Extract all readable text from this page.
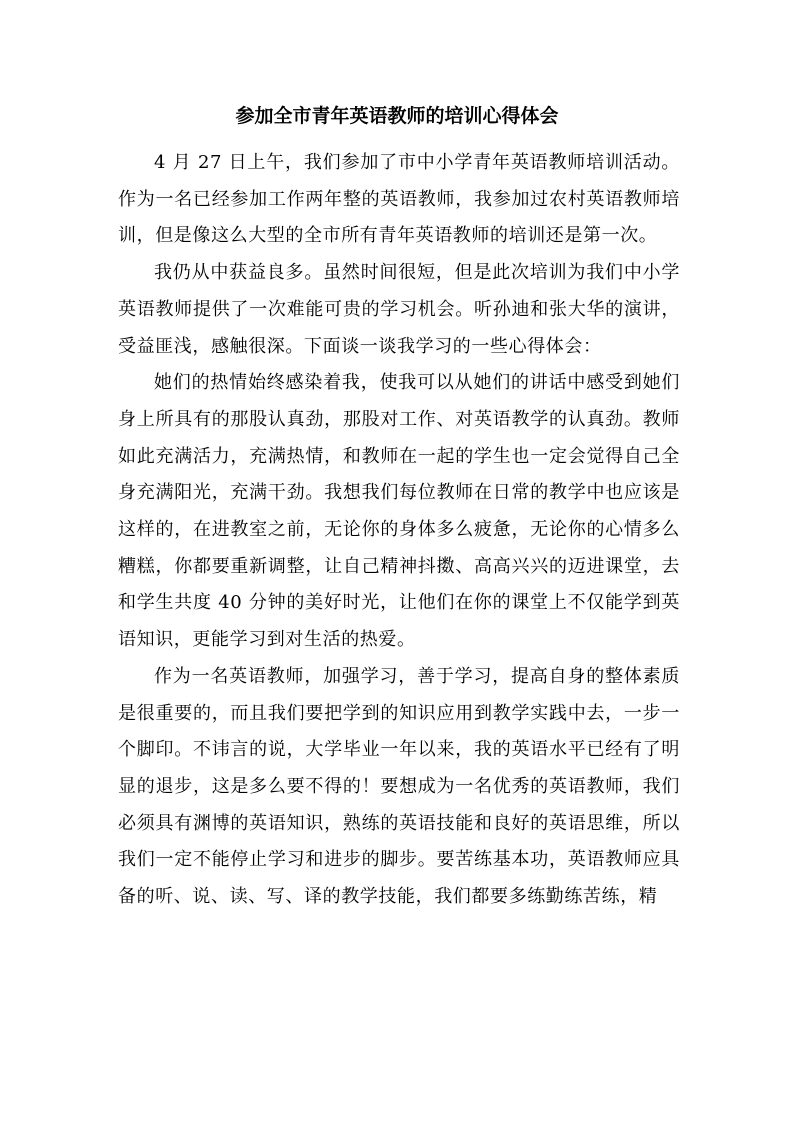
参加全市青年英语教师的培训心得体会

4 月 27 日上午，我们参加了市中小学青年英语教师培训活动。作为一名已经参加工作两年整的英语教师，我参加过农村英语教师培训，但是像这么大型的全市所有青年英语教师的培训还是第一次。

我仍从中获益良多。虽然时间很短，但是此次培训为我们中小学英语教师提供了一次难能可贵的学习机会。听孙迪和张大华的演讲，受益匪浅，感触很深。下面谈一谈我学习的一些心得体会：

她们的热情始终感染着我，使我可以从她们的讲话中感受到她们身上所具有的那股认真劲，那股对工作、对英语教学的认真劲。教师如此充满活力，充满热情，和教师在一起的学生也一定会觉得自己全身充满阳光，充满干劲。我想我们每位教师在日常的教学中也应该是这样的，在进教室之前，无论你的身体多么疲惫，无论你的心情多么糟糕，你都要重新调整，让自己精神抖擞、高高兴兴的迈进课堂，去和学生共度 40 分钟的美好时光，让他们在你的课堂上不仅能学到英语知识，更能学习到对生活的热爱。

作为一名英语教师，加强学习，善于学习，提高自身的整体素质是很重要的，而且我们要把学到的知识应用到教学实践中去，一步一个脚印。不讳言的说，大学毕业一年以来，我的英语水平已经有了明显的退步，这是多么要不得的！要想成为一名优秀的英语教师，我们必须具有渊博的英语知识，熟练的英语技能和良好的英语思维，所以我们一定不能停止学习和进步的脚步。要苦练基本功，英语教师应具备的听、说、读、写、译的教学技能，我们都要多练勤练苦练，精
